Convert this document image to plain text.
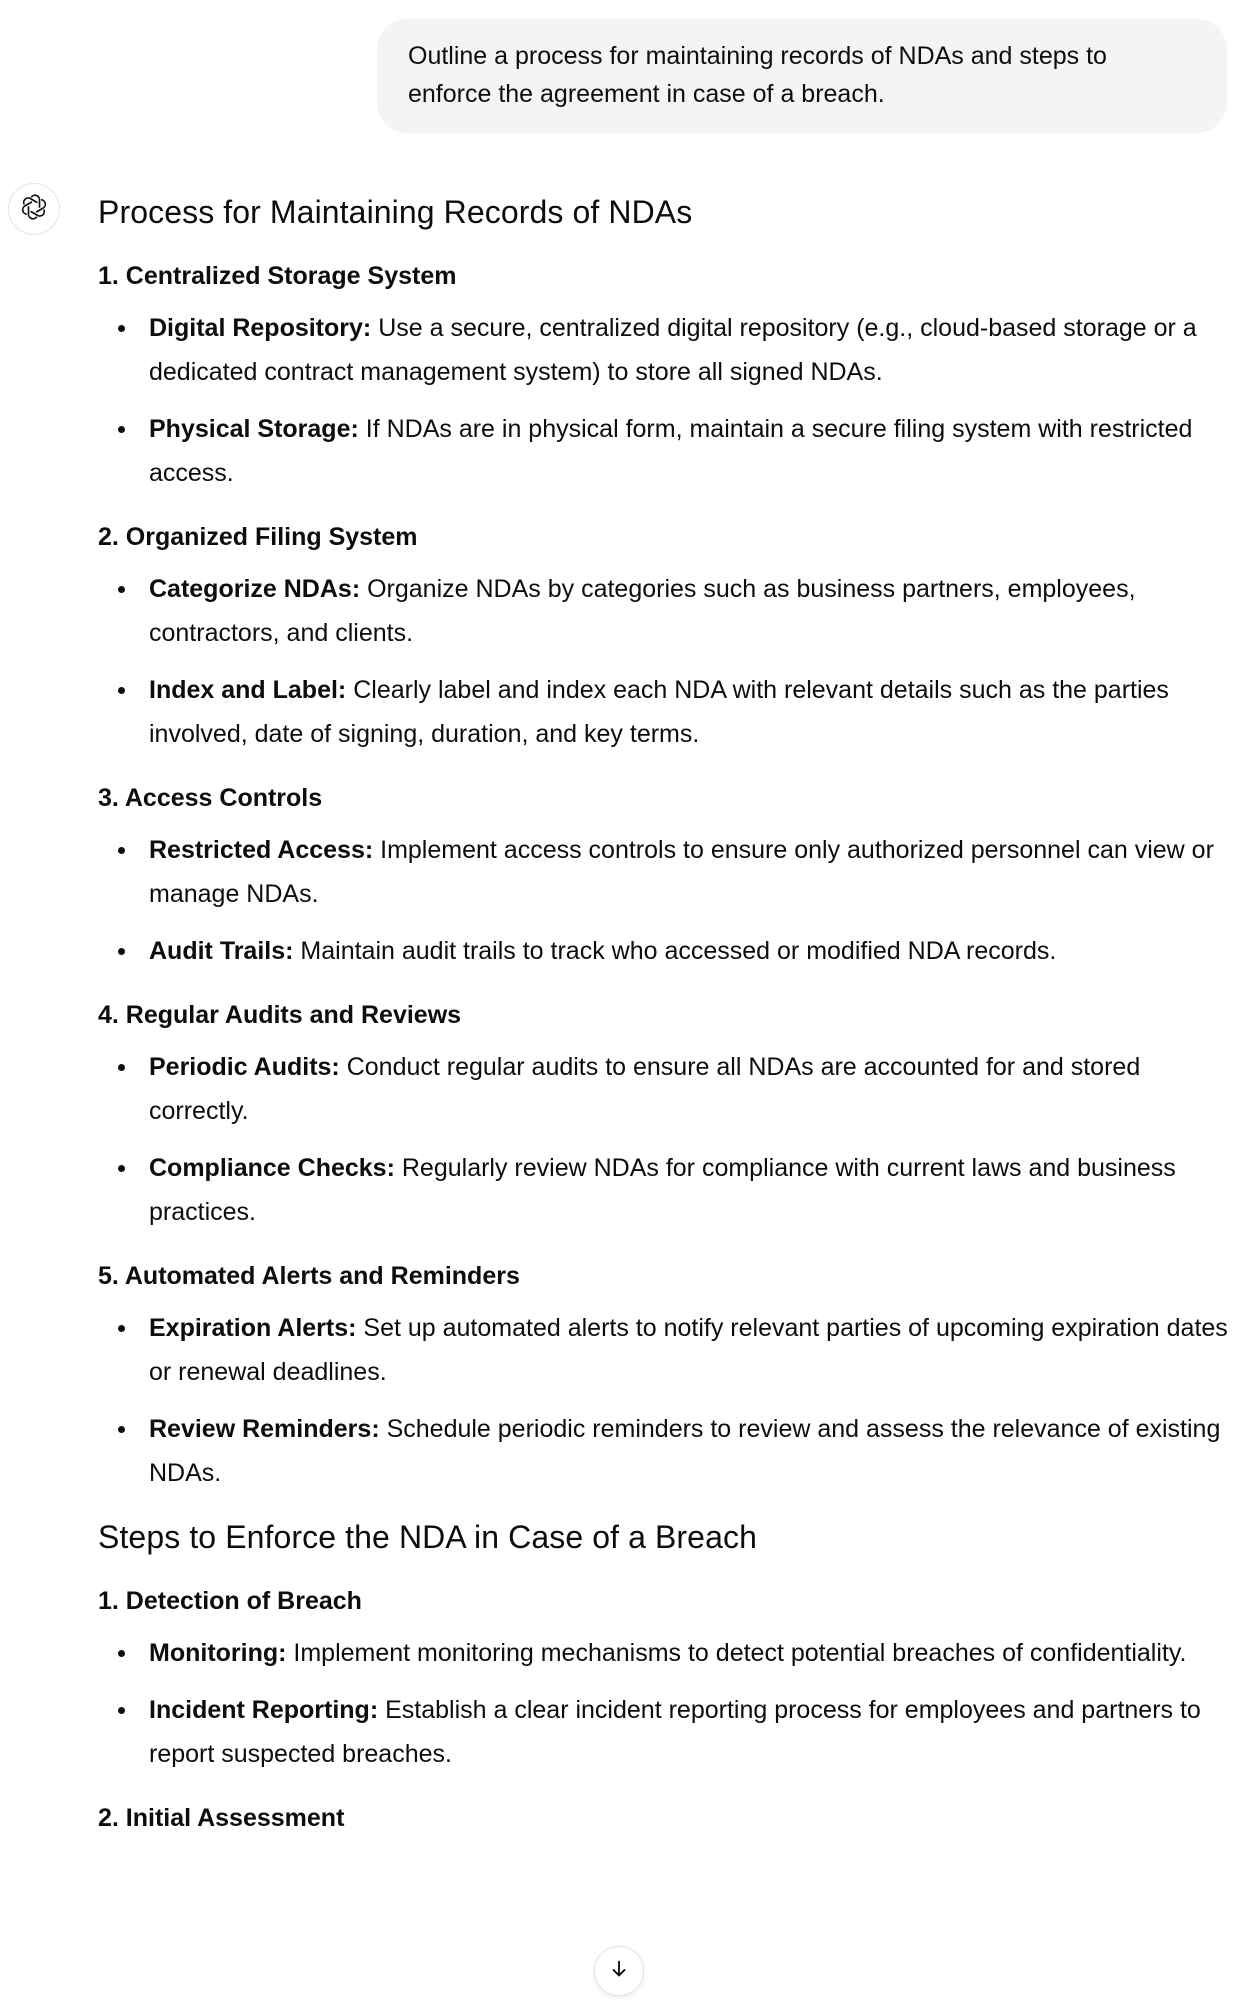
Outline a process for maintaining records of NDAs and steps to enforce the agreement in case of a breach.
Process for Maintaining Records of NDAs
1. Centralized Storage System
Digital Repository: Use a secure, centralized digital repository (e.g., cloud-based storage or a dedicated contract management system) to store all signed NDAs.
Physical Storage: If NDAs are in physical form, maintain a secure filing system with restricted access.
2. Organized Filing System
Categorize NDAs: Organize NDAs by categories such as business partners, employees, contractors, and clients.
Index and Label: Clearly label and index each NDA with relevant details such as the parties involved, date of signing, duration, and key terms.
3. Access Controls
Restricted Access: Implement access controls to ensure only authorized personnel can view or manage NDAs.
Audit Trails: Maintain audit trails to track who accessed or modified NDA records.
4. Regular Audits and Reviews
Periodic Audits: Conduct regular audits to ensure all NDAs are accounted for and stored correctly.
Compliance Checks: Regularly review NDAs for compliance with current laws and business practices.
5. Automated Alerts and Reminders
Expiration Alerts: Set up automated alerts to notify relevant parties of upcoming expiration dates or renewal deadlines.
Review Reminders: Schedule periodic reminders to review and assess the relevance of existing NDAs.
Steps to Enforce the NDA in Case of a Breach
1. Detection of Breach
Monitoring: Implement monitoring mechanisms to detect potential breaches of confidentiality.
Incident Reporting: Establish a clear incident reporting process for employees and partners to report suspected breaches.
2. Initial Assessment
